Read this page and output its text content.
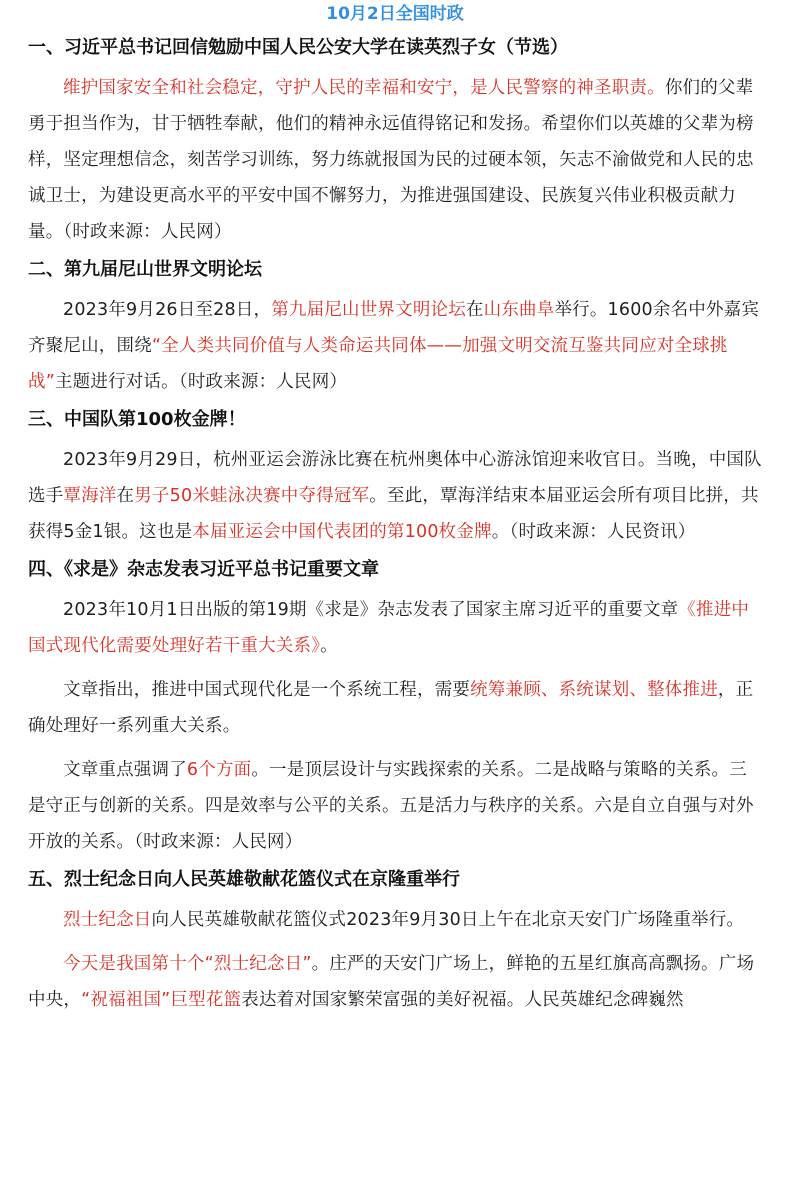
10月2日全国时政
一、习近平总书记回信勉励中国人民公安大学在读英烈子女（节选）

维护国家安全和社会稳定，守护人民的幸福和安宁，是人民警察的神圣职责。你们的父辈勇于担当作为，甘于牺牲奉献，他们的精神永远值得铭记和发扬。希望你们以英雄的父辈为榜样，坚定理想信念，刻苦学习训练，努力练就报国为民的过硬本领，矢志不渝做党和人民的忠诚卫士，为建设更高水平的平安中国不懈努力，为推进强国建设、民族复兴伟业积极贡献力量。（时政来源：人民网）

二、第九届尼山世界文明论坛

2023年9月26日至28日，第九届尼山世界文明论坛在山东曲阜举行。1600余名中外嘉宾齐聚尼山，围绕“全人类共同价值与人类命运共同体——加强文明交流互鉴共同应对全球挑战”主题进行对话。（时政来源：人民网）

三、中国队第100枚金牌！

2023年9月29日，杭州亚运会游泳比赛在杭州奥体中心游泳馆迎来收官日。当晚，中国队选手覃海洋在男子50米蛙泳决赛中夺得冠军。至此，覃海洋结束本届亚运会所有项目比拼，共获得5金1银。这也是本届亚运会中国代表团的第100枚金牌。（时政来源：人民资讯）

四、《求是》杂志发表习近平总书记重要文章

2023年10月1日出版的第19期《求是》杂志发表了国家主席习近平的重要文章《推进中国式现代化需要处理好若干重大关系》。

文章指出，推进中国式现代化是一个系统工程，需要统筹兼顾、系统谋划、整体推进，正确处理好一系列重大关系。

文章重点强调了6个方面。一是顶层设计与实践探索的关系。二是战略与策略的关系。三是守正与创新的关系。四是效率与公平的关系。五是活力与秩序的关系。六是自立自强与对外开放的关系。（时政来源：人民网）

五、烈士纪念日向人民英雄敬献花篮仪式在京隆重举行

烈士纪念日向人民英雄敬献花篮仪式2023年9月30日上午在北京天安门广场隆重举行。

今天是我国第十个“烈士纪念日”。庄严的天安门广场上，鲜艳的五星红旗高高飘扬。广场中央，“祝福祖国”巨型花篮表达着对国家繁荣富强的美好祝福。人民英雄纪念碑巍然
